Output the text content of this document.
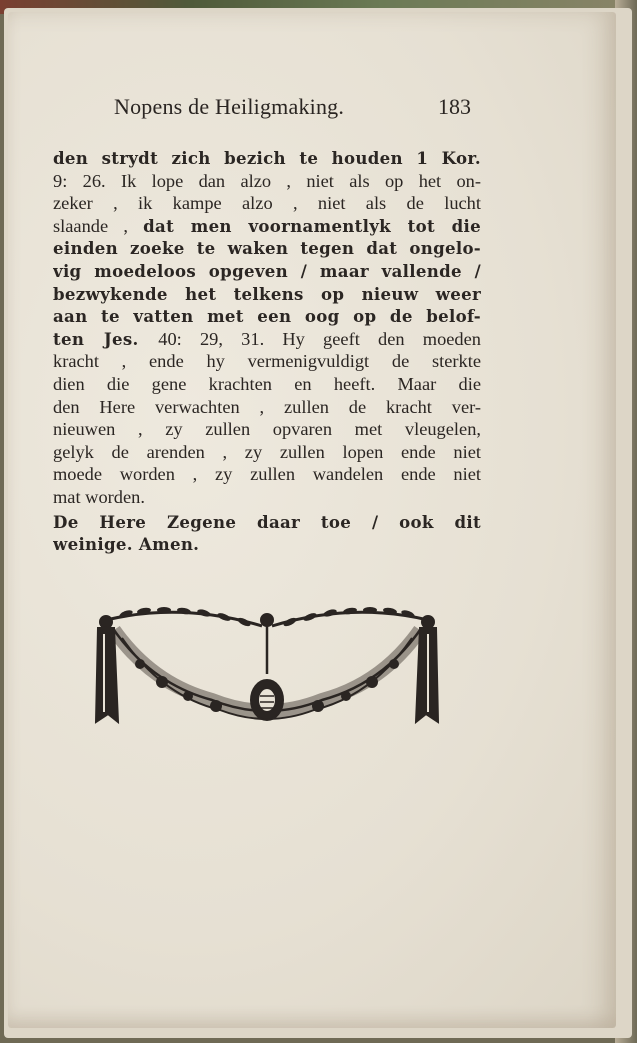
Nopens de Heiligmaking.	183
den strydt zich bezich te houden 1 Kor.
9: 26. Ik lope dan alzo , niet als op het on-
zeker , ik kampe alzo , niet als de lucht
slaande , dat men voornamentlyk tot die
einden zoeke te waken tegen dat ongelo-
vig moedeloos opgeven / maar vallende /
bezwykende het telkens op nieuw weer
aan te vatten met een oog op de belof-
ten Jes. 40: 29, 31. Hy geeft den moeden
kracht , ende hy vermenigvuldigt de sterkte
dien die gene krachten en heeft. Maar die
den Here verwachten , zullen de kracht ver-
nieuwen , zy zullen opvaren met vleugelen,
gelyk de arenden , zy zullen lopen ende niet
moede worden , zy zullen wandelen ende niet
mat worden.
De Here Zegene daar toe / ook dit
weinige. Amen.
